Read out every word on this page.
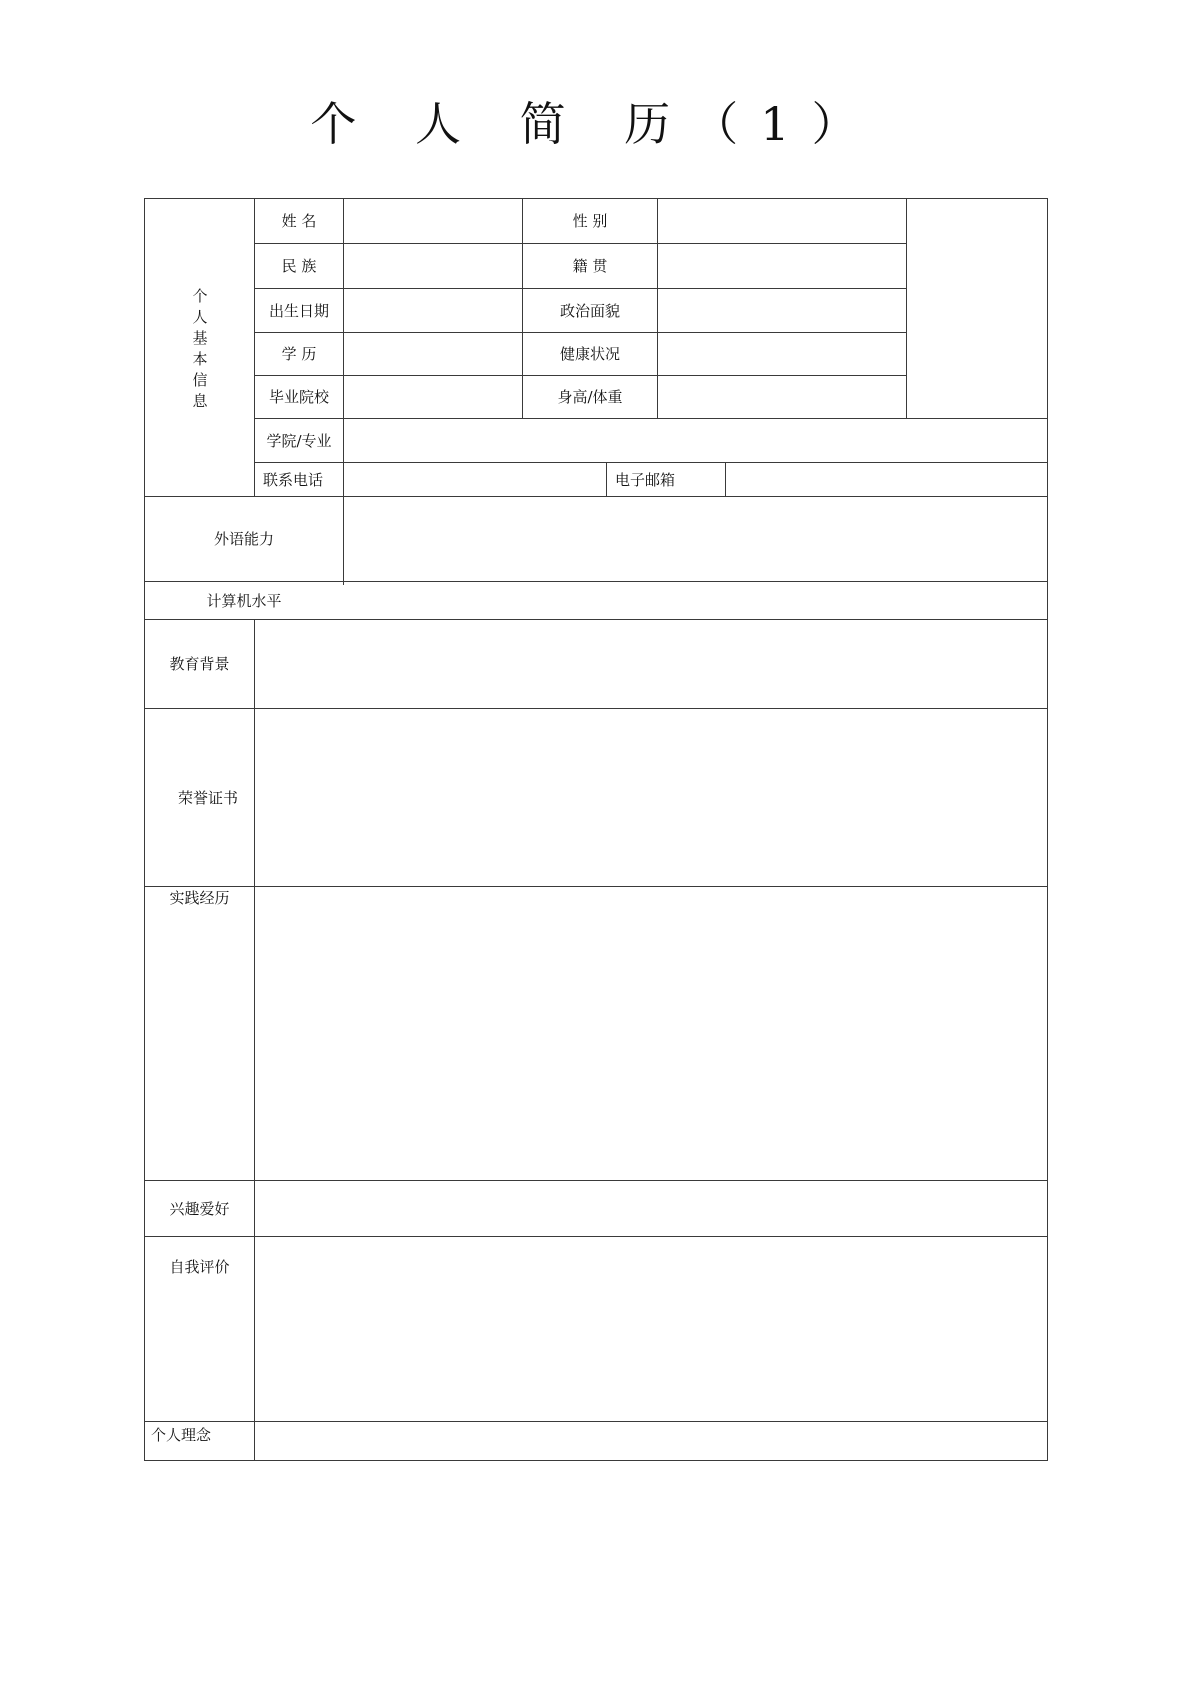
个 人 简 历（1）
个
人
基
本
信
息
姓 名	性 别
民 族	籍 贯
出生日期	政治面貌
学 历	健康状况
毕业院校	身高/体重
学院/专业
联系电话	电子邮箱
外语能力
计算机水平
教育背景
荣誉证书
实践经历
兴趣爱好
自我评价
个人理念
